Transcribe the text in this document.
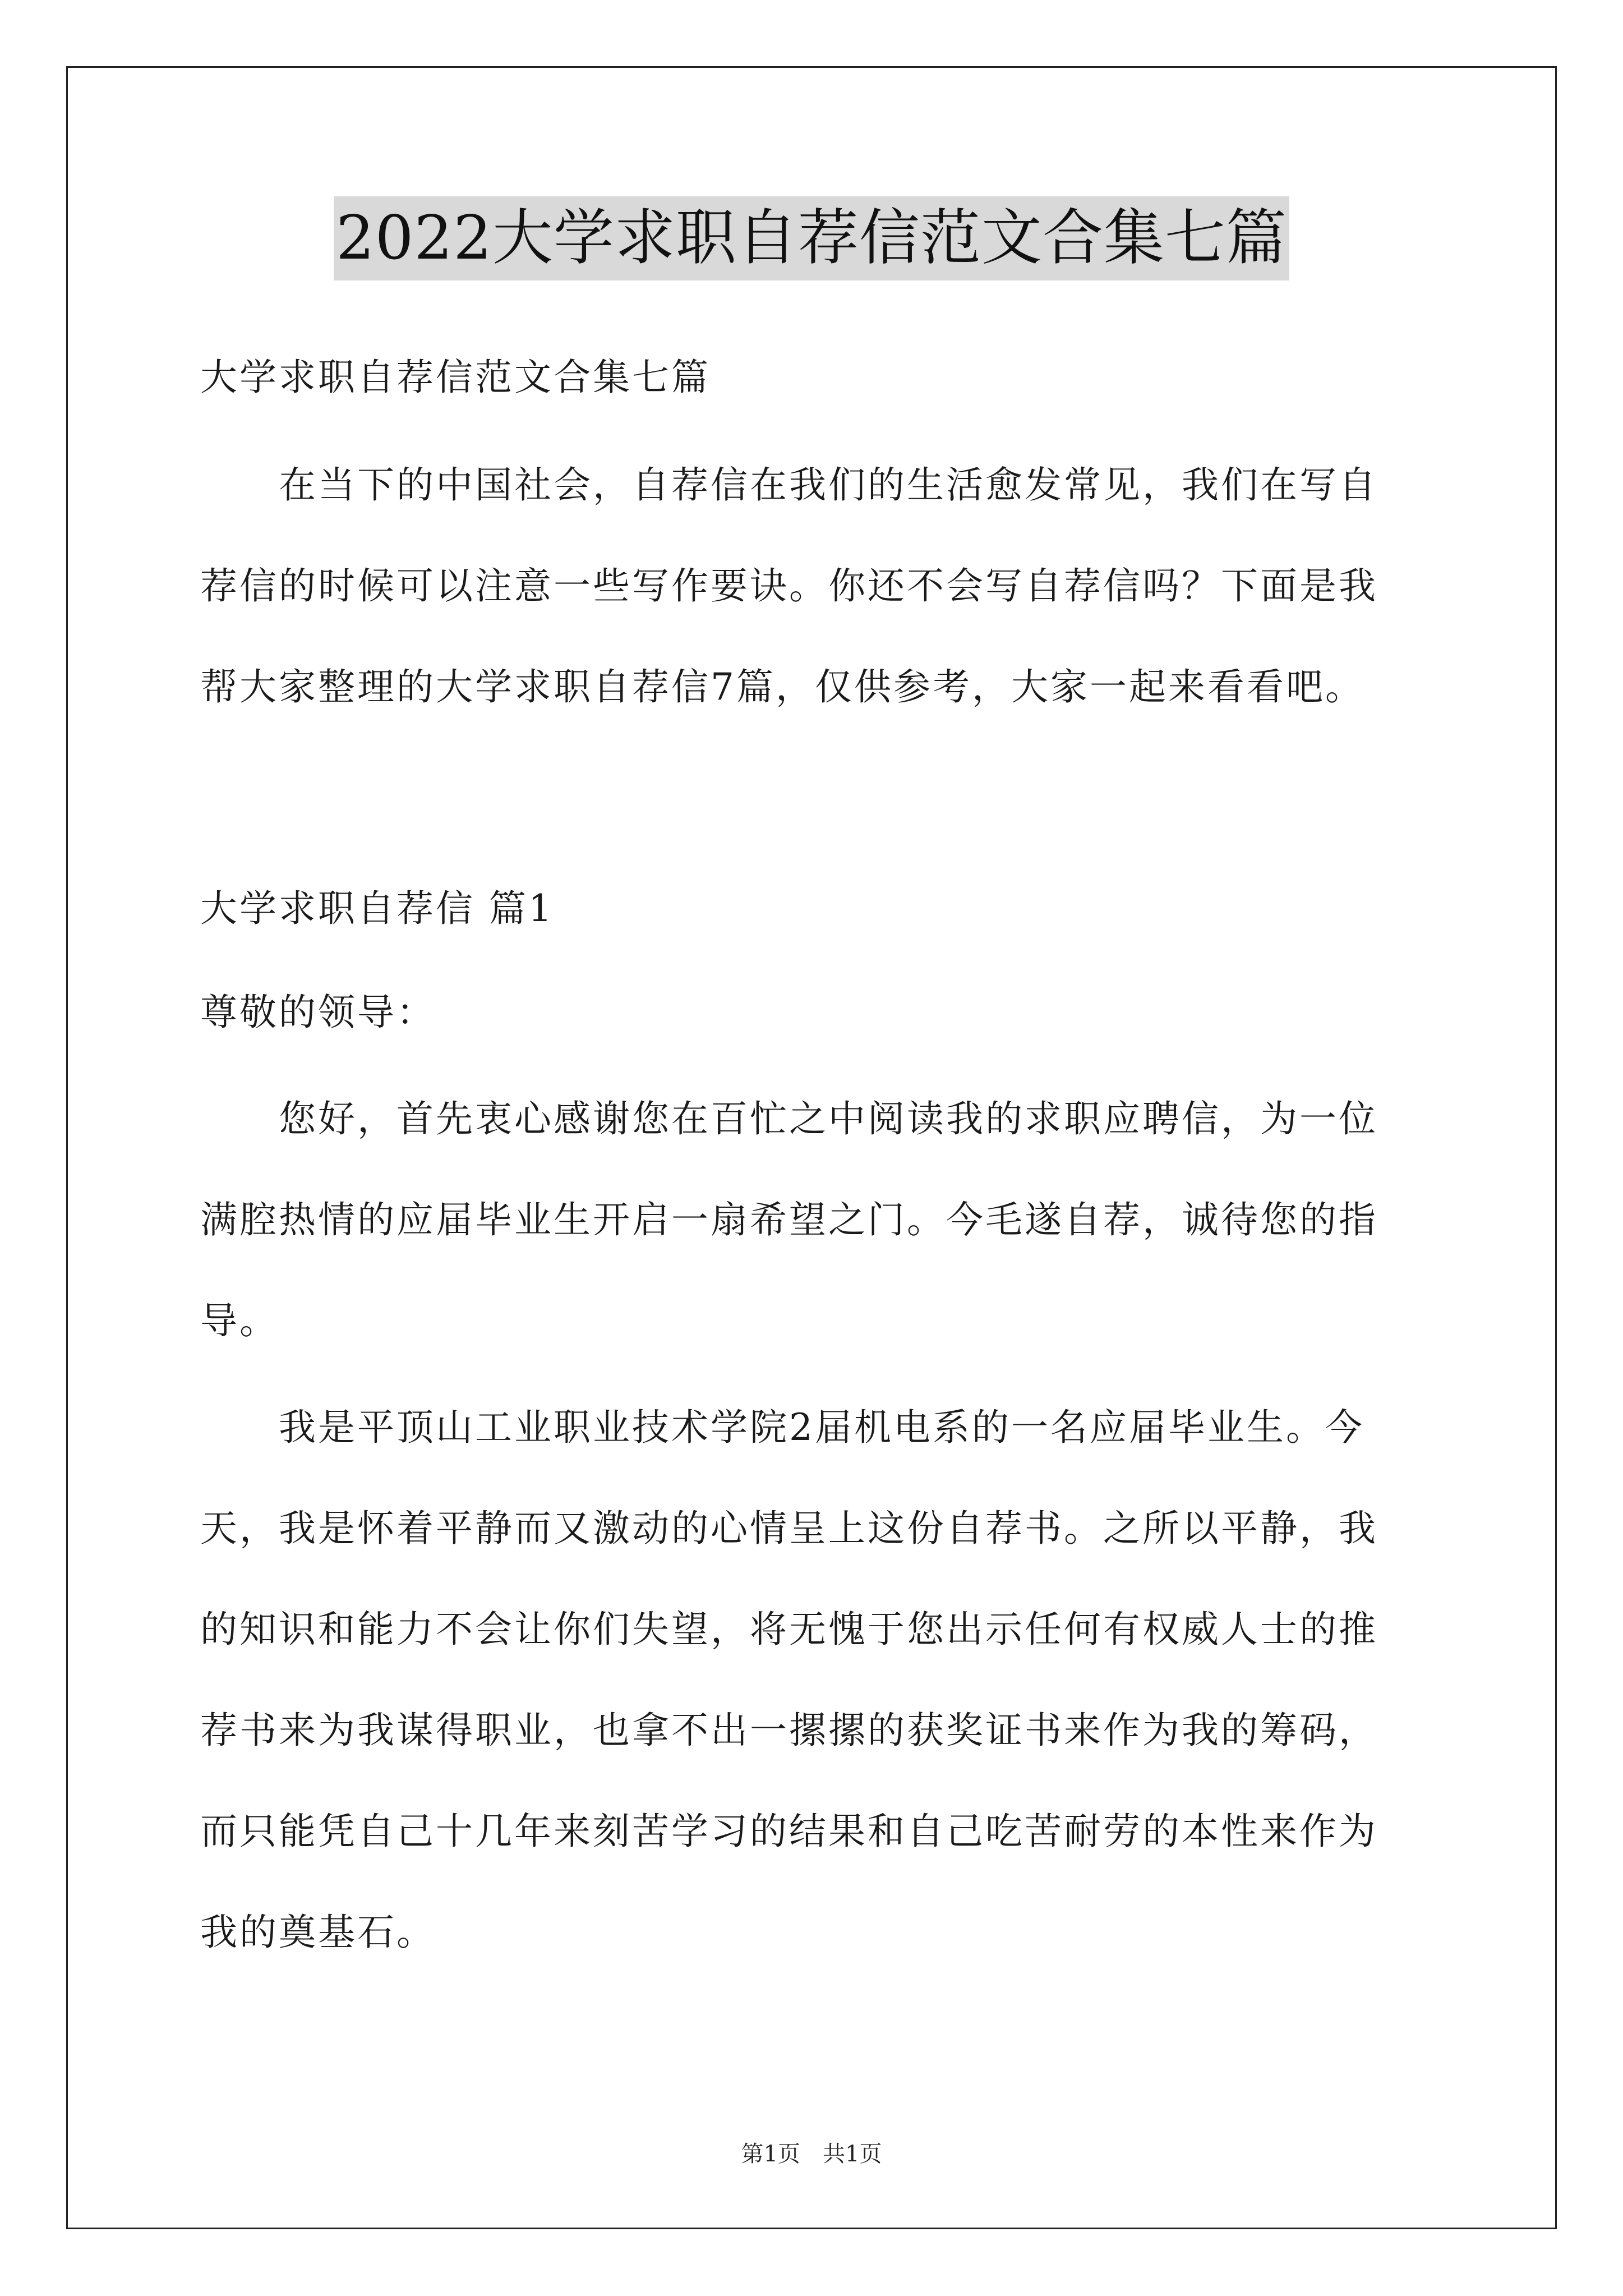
2022大学求职自荐信范文合集七篇
大学求职自荐信范文合集七篇
　　在当下的中国社会，自荐信在我们的生活愈发常见，我们在写自
荐信的时候可以注意一些写作要诀。你还不会写自荐信吗？下面是我
帮大家整理的大学求职自荐信7篇，仅供参考，大家一起来看看吧。
大学求职自荐信 篇1
尊敬的领导：
　　您好，首先衷心感谢您在百忙之中阅读我的求职应聘信，为一位
满腔热情的应届毕业生开启一扇希望之门。今毛遂自荐，诚待您的指
导。
　　我是平顶山工业职业技术学院2届机电系的一名应届毕业生。今
天，我是怀着平静而又激动的心情呈上这份自荐书。之所以平静，我
的知识和能力不会让你们失望，将无愧于您出示任何有权威人士的推
荐书来为我谋得职业，也拿不出一摞摞的获奖证书来作为我的筹码，
而只能凭自己十几年来刻苦学习的结果和自己吃苦耐劳的本性来作为
我的奠基石。
第1页　共1页
